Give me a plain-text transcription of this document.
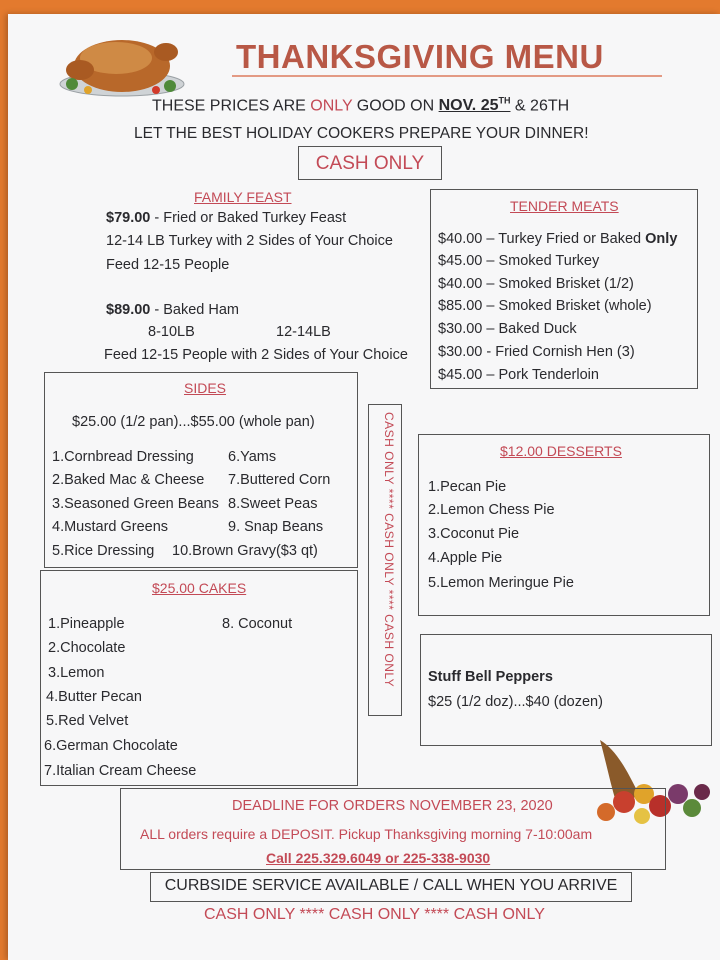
THANKSGIVING MENU
THESE PRICES ARE ONLY GOOD ON NOV. 25TH & 26TH
LET THE BEST HOLIDAY COOKERS PREPARE YOUR DINNER!
CASH ONLY
FAMILY FEAST
$79.00 - Fried or Baked Turkey Feast
12-14 LB Turkey with 2 Sides of Your Choice
Feed 12-15 People
$89.00 - Baked Ham
8-10LB	12-14LB
Feed 12-15 People with 2 Sides of Your Choice
TENDER MEATS
$40.00 – Turkey Fried or Baked Only
$45.00 – Smoked Turkey
$40.00 – Smoked Brisket (1/2)
$85.00 – Smoked Brisket (whole)
$30.00 – Baked Duck
$30.00 - Fried Cornish Hen (3)
$45.00 – Pork Tenderloin
SIDES
$25.00 (1/2 pan)...$55.00 (whole pan)
1.Cornbread Dressing
2.Baked Mac & Cheese
3.Seasoned Green Beans
4.Mustard Greens
5.Rice Dressing
6.Yams
7.Buttered Corn
8.Sweet Peas
9. Snap Beans
10.Brown Gravy($3 qt)	CASH ONLY **** CASH ONLY **** CASH ONLY	$12.00 DESSERTS
1.Pecan Pie
2.Lemon Chess Pie
3.Coconut Pie
4.Apple Pie
5.Lemon Meringue Pie
$25.00 CAKES
1.Pineapple
2.Chocolate
3.Lemon
4.Butter Pecan
5.Red Velvet
6.German Chocolate
7.Italian Cream Cheese
8. Coconut
Stuff Bell Peppers
$25 (1/2 doz)...$40 (dozen)
DEADLINE FOR ORDERS NOVEMBER 23, 2020
ALL orders require a DEPOSIT. Pickup Thanksgiving morning 7-10:00am
Call 225.329.6049 or 225-338-9030
CURBSIDE SERVICE AVAILABLE / CALL WHEN YOU ARRIVE
CASH ONLY **** CASH ONLY **** CASH ONLY
